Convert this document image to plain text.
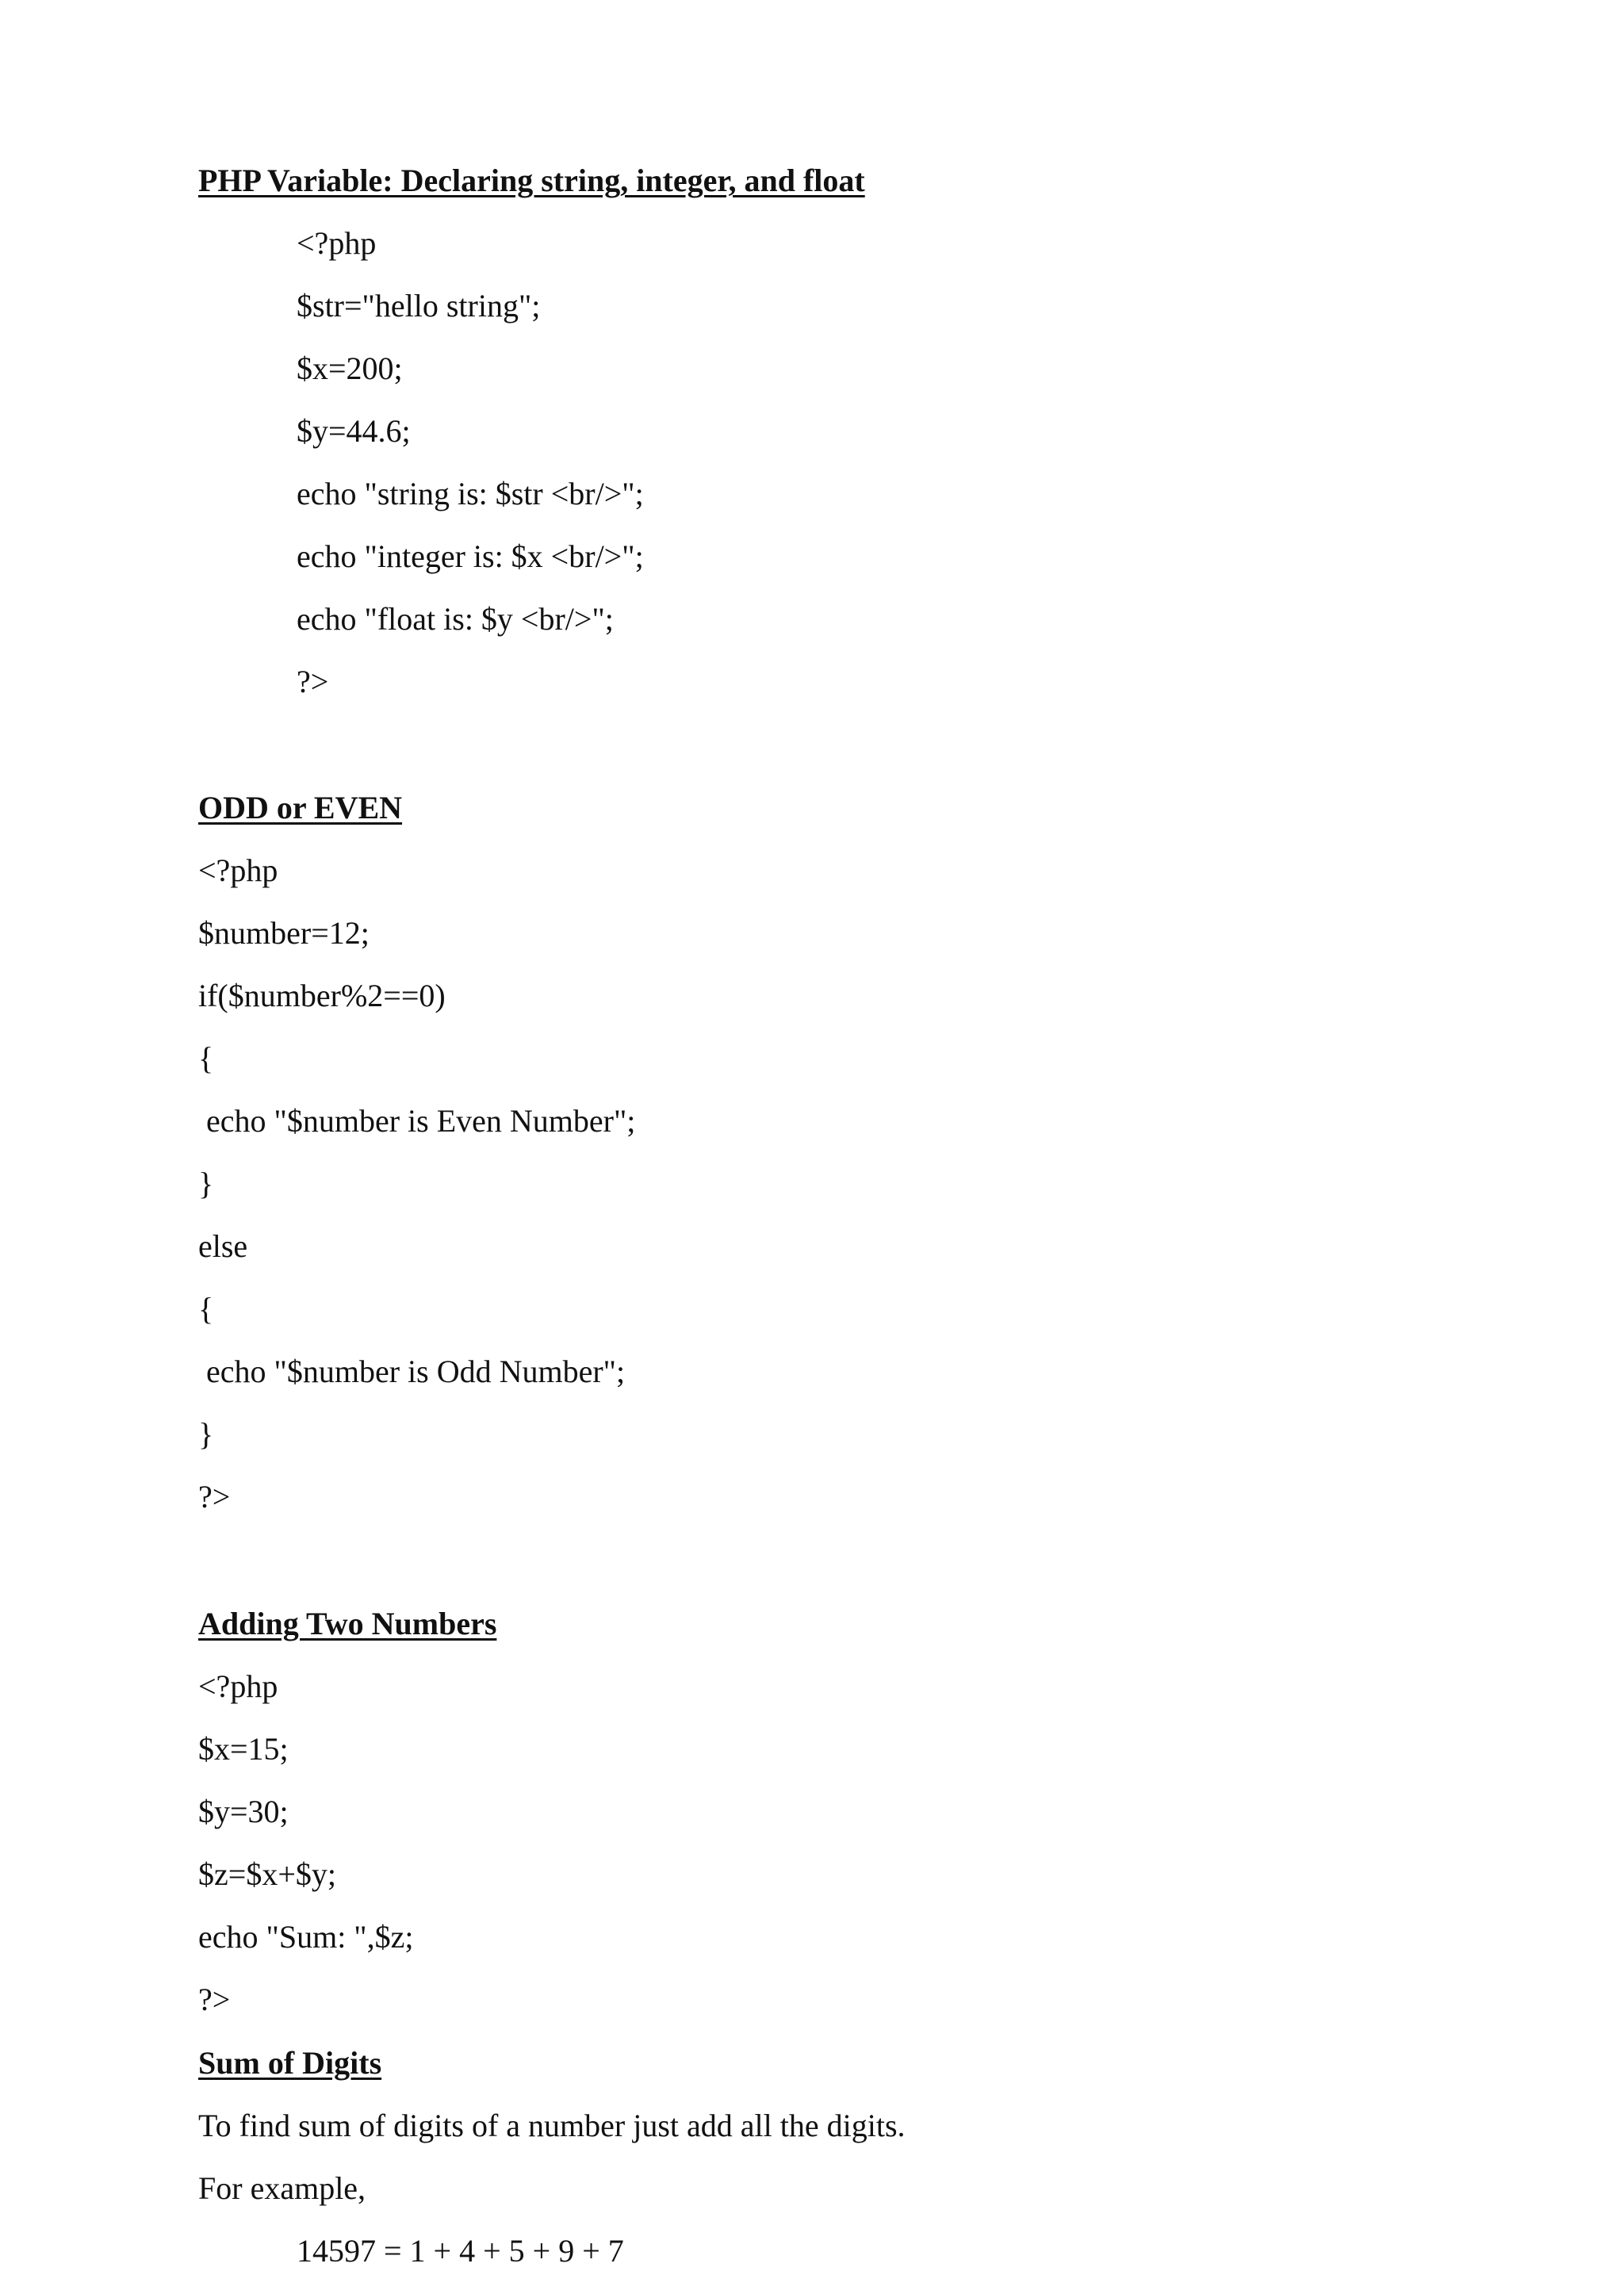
PHP Variable: Declaring string, integer, and float
<?php
$str="hello string";
$x=200;
$y=44.6;
echo "string is: $str <br/>";
echo "integer is: $x <br/>";
echo "float is: $y <br/>";
?>
ODD or EVEN
<?php
$number=12;
if($number%2==0)
{
echo "$number is Even Number";
}
else
{
echo "$number is Odd Number";
}
?>
Adding Two Numbers
<?php
$x=15;
$y=30;
$z=$x+$y;
echo "Sum: ",$z;
?>
Sum of Digits
To find sum of digits of a number just add all the digits.
For example,
14597 = 1 + 4 + 5 + 9 + 7
